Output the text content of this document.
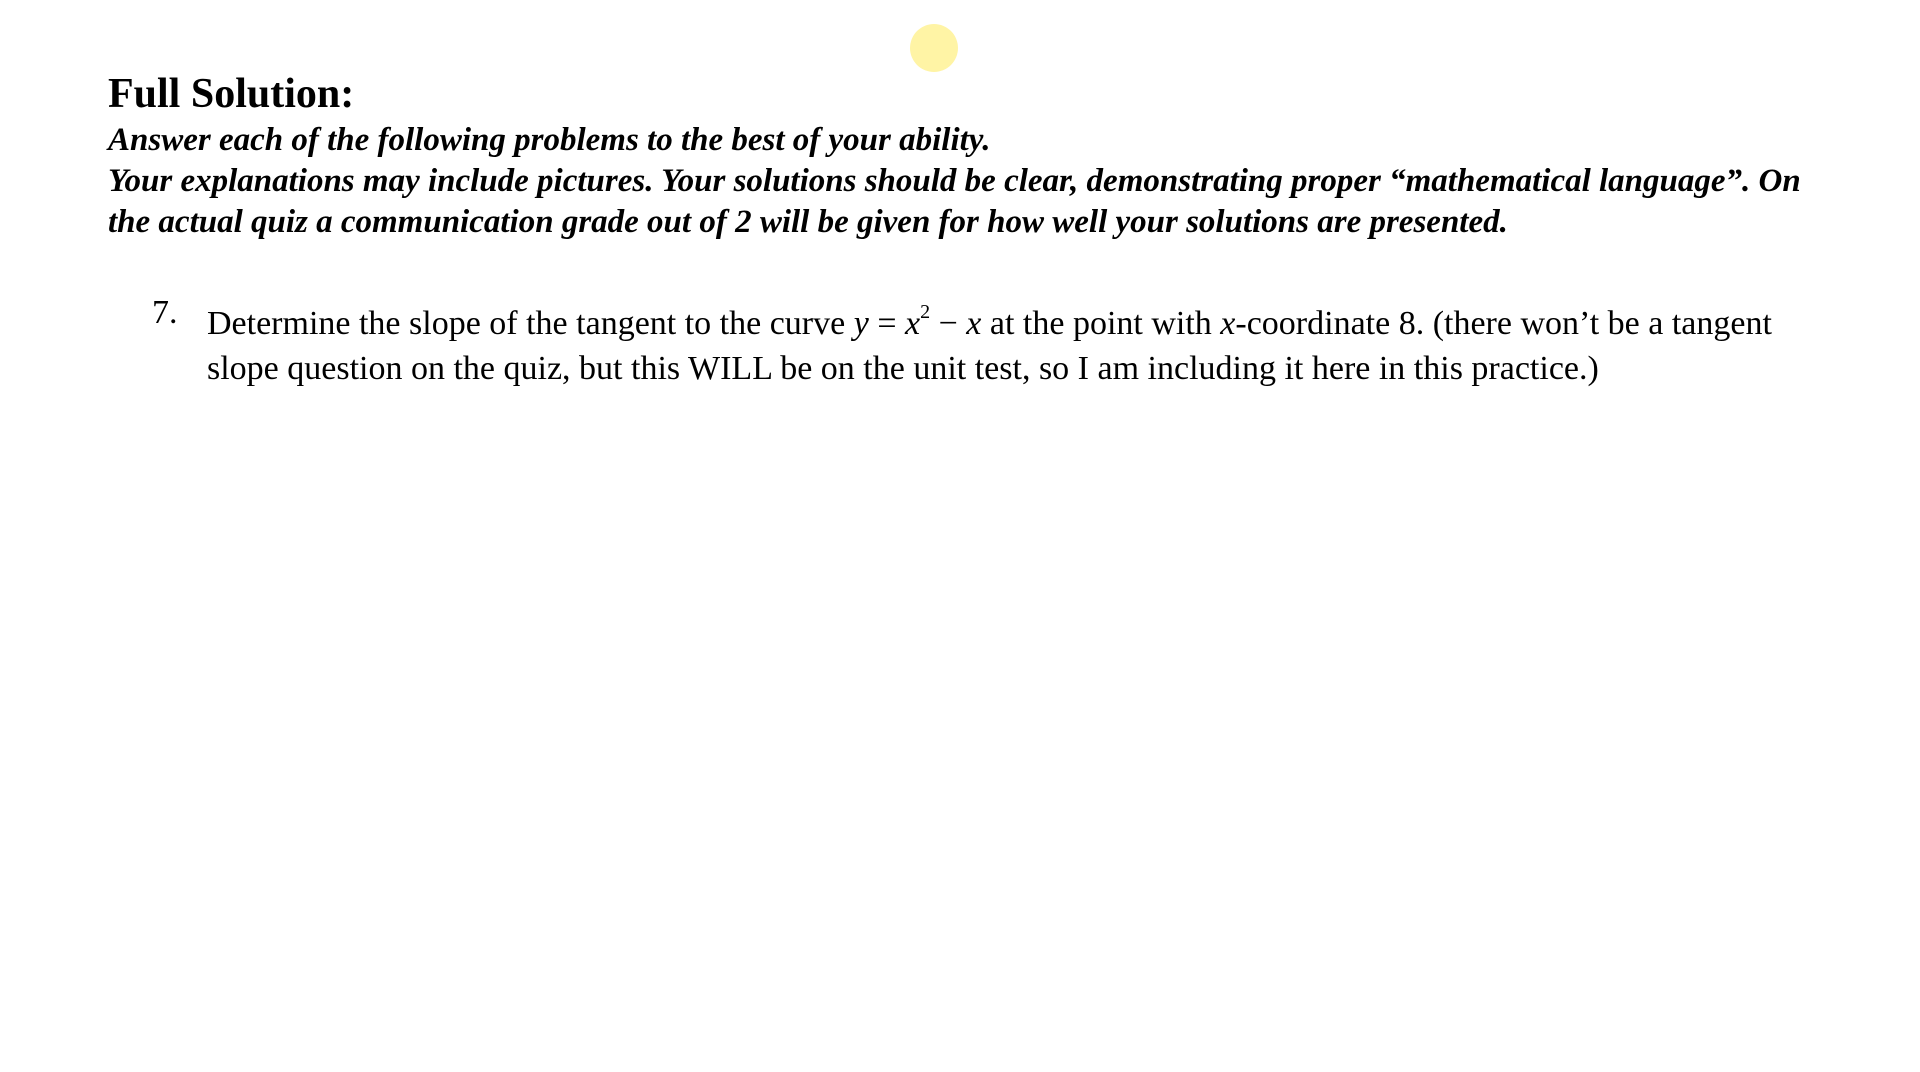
Full Solution:

Answer each of the following problems to the best of your ability.

Your explanations may include pictures. Your solutions should be clear, demonstrating proper “mathematical language”. On the actual quiz a communication grade out of 2 will be given for how well your solutions are presented.

7. Determine the slope of the tangent to the curve $y = x^2 - x$ at the point with x-coordinate 8. (there won’t be a tangent slope question on the quiz, but this WILL be on the unit test, so I am including it here in this practice.)
